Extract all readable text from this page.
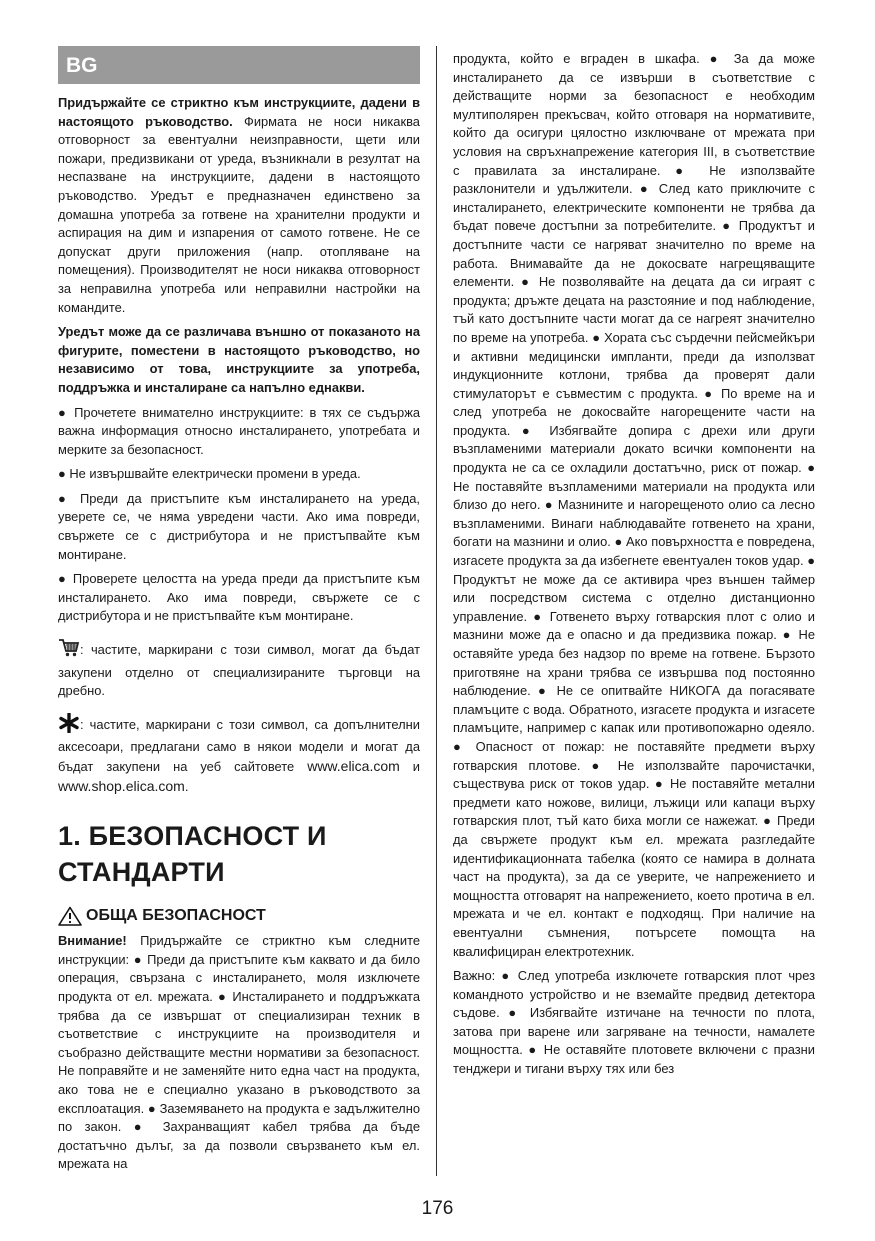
BG

Придържайте се стриктно към инструкциите, дадени в настоящото ръководство. Фирмата не носи никаква отговорност за евентуални неизправности, щети или пожари, предизвикани от уреда, възникнали в резултат на неспазване на инструкциите, дадени в настоящото ръководство. Уредът е предназначен единствено за домашна употреба за готвене на хранителни продукти и аспирация на дим и изпарения от самото готвене. Не се допускат други приложения (напр. отопляване на помещения). Производителят не носи никаква отговорност за неправилна употреба или неправилни настройки на командите.

Уредът може да се различава външно от показаното на фигурите, поместени в настоящото ръководство, но независимо от това, инструкциите за употреба, поддръжка и инсталиране са напълно еднакви.

● Прочетете внимателно инструкциите: в тях се съдържа важна информация относно инсталирането, употребата и мерките за безопасност.

● Не извършвайте електрически промени в уреда.

● Преди да пристъпите към инсталирането на уреда, уверете се, че няма увредени части. Ако има повреди, свържете се с дистрибутора и не пристъпвайте към монтиране.

● Проверете целостта на уреда преди да пристъпите към инсталирането. Ако има повреди, свържете се с дистрибутора и не пристъпвайте към монтиране.

: частите, маркирани с този символ, могат да бъдат закупени отделно от специализираните търговци на дребно.

: частите, маркирани с този символ, са допълнителни аксесоари, предлагани само в някои модели и могат да бъдат закупени на уеб сайтовете www.elica.com и www.shop.elica.com.

1. БЕЗОПАСНОСТ И
СТАНДАРТИ
ОБЩА БЕЗОПАСНОСТ

Внимание! Придържайте се стриктно към следните инструкции: ● Преди да пристъпите към каквато и да било операция, свързана с инсталирането, моля изключете продукта от ел. мрежата. ● Инсталирането и поддръжката трябва да се извършат от специализиран техник в съответствие с инструкциите на производителя и съобразно действащите местни нормативи за безопасност. Не поправяйте и не заменяйте нито една част на продукта, ако това не е специално указано в ръководството за експлоатация. ● Заземяването на продукта е задължително по закон. ● Захранващият кабел трябва да бъде достатъчно дълъг, за да позволи свързването към ел. мрежата на

продукта, който е вграден в шкафа. ● За да може инсталирането да се извърши в съответствие с действащите норми за безопасност е необходим мултиполярен прекъсвач, който отговаря на нормативите, който да осигури цялостно изключване от мрежата при условия на свръхнапрежение категория III, в съответствие с правилата за инсталиране. ● Не използвайте разклонители и удължители. ● След като приключите с инсталирането, електрическите компоненти не трябва да бъдат повече достъпни за потребителите. ● Продуктът и достъпните части се нагряват значително по време на работа. Внимавайте да не докосвате нагрещяващите елементи. ● Не позволявайте на децата да си играят с продукта; дръжте децата на разстояние и под наблюдение, тъй като достъпните части могат да се нагреят значително по време на употреба. ● Хората със сърдечни пейсмейкъри и активни медицински импланти, преди да използват индукционните котлони, трябва да проверят дали стимулаторът е съвместим с продукта. ● По време на и след употреба не докосвайте нагорещените части на продукта. ● Избягвайте допира с дрехи или други възпламеними материали докато всички компоненти на продукта не са се охладили достатъчно, риск от пожар. ● Не поставяйте възпламеними материали на продукта или близо до него. ● Мазнините и нагорещеното олио са лесно възпламеними. Винаги наблюдавайте готвенето на храни, богати на мазнини и олио. ● Ако повърхността е повредена, изгасете продукта за да избегнете евентуален токов удар. ● Продуктът не може да се активира чрез външен таймер или посредством система с отделно дистанционно управление. ● Готвенето върху готварския плот с олио и мазнини може да е опасно и да предизвика пожар. ● Не оставяйте уреда без надзор по време на готвене. Бързото приготвяне на храни трябва се извършва под постоянно наблюдение. ● Не се опитвайте НИКОГА да погасявате пламъците с вода. Обратното, изгасете продукта и изгасете пламъците, например с капак или противопожарно одеяло. ● Опасност от пожар: не поставяйте предмети върху готварския плотове. ● Не използвайте парочистачки, съществува риск от токов удар. ● Не поставяйте метални предмети като ножове, вилици, лъжици или капаци върху готварския плот, тъй като биха могли се нажежат. ● Преди да свържете продукт към ел. мрежата разгледайте идентификационната табелка (която се намира в долната част на продукта), за да се уверите, че напрежението и мощността отговарят на напрежението, което протича в ел. мрежата и че ел. контакт е подходящ. При наличие на евентуални съмнения, потърсете помощта на квалифициран електротехник.

Важно: ● След употреба изключете готварския плот чрез командното устройство и не вземайте предвид детектора съдове. ● Избягвайте изтичане на течности по плота, затова при варене или загряване на течности, намалете мощността. ● Не оставяйте плотовете включени с празни тенджери и тигани върху тях или без

176
